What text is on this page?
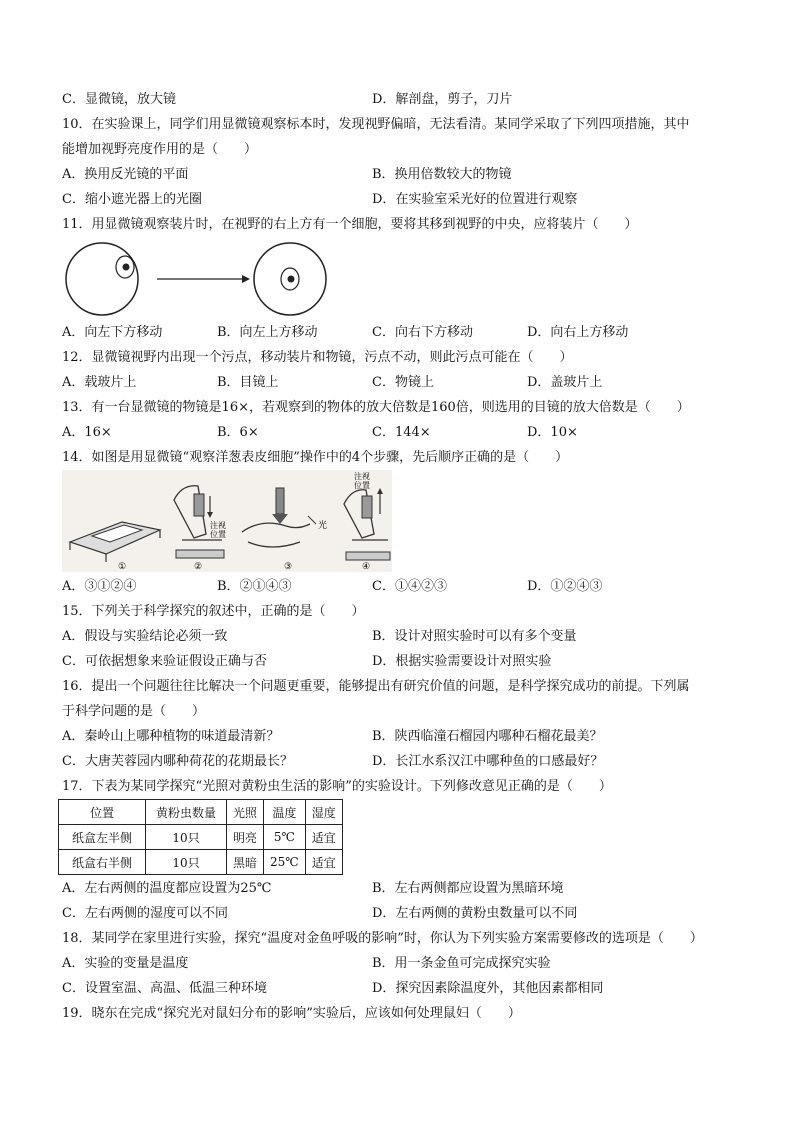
C．显微镜，放大镜	D．解剖盘，剪子，刀片
10．在实验课上，同学们用显微镜观察标本时，发现视野偏暗，无法看清。某同学采取了下列四项措施，其中
能增加视野亮度作用的是（　　）
A．换用反光镜的平面	B．换用倍数较大的物镜
C．缩小遮光器上的光圈	D．在实验室采光好的位置进行观察
11．用显微镜观察装片时，在视野的右上方有一个细胞，要将其移到视野的中央，应将装片（　　）
A．向左下方移动	B．向左上方移动	C．向右下方移动	D．向右上方移动
12．显微镜视野内出现一个污点，移动装片和物镜，污点不动，则此污点可能在（　　）
A．载玻片上	B．目镜上	C．物镜上	D．盖玻片上
13．有一台显微镜的物镜是16×，若观察到的物体的放大倍数是160倍，则选用的目镜的放大倍数是（　　）
A．16×	B．6×	C．144×	D．10×
14．如图是用显微镜“观察洋葱表皮细胞”操作中的4个步骤，先后顺序正确的是（　　）
①
注视
位置
②
光
③
注视
位置
④
A．③①②④	B．②①④③	C．①④②③	D．①②④③
15．下列关于科学探究的叙述中，正确的是（　　）
A．假设与实验结论必须一致	B．设计对照实验时可以有多个变量
C．可依据想象来验证假设正确与否	D．根据实验需要设计对照实验
16．提出一个问题往往比解决一个问题更重要，能够提出有研究价值的问题，是科学探究成功的前提。下列属
于科学问题的是（　　）
A．秦岭山上哪种植物的味道最清新？	B．陕西临潼石榴园内哪种石榴花最美？
C．大唐芙蓉园内哪种荷花的花期最长？	D．长江水系汉江中哪种鱼的口感最好？
17．下表为某同学探究“光照对黄粉虫生活的影响”的实验设计。下列修改意见正确的是（　　）
位置	黄粉虫数量	光照	温度	湿度
纸盒左半侧	10只	明亮	5℃	适宜
纸盒右半侧	10只	黑暗	25℃	适宜
A．左右两侧的温度都应设置为25℃	B．左右两侧都应设置为黑暗环境
C．左右两侧的湿度可以不同	D．左右两侧的黄粉虫数量可以不同
18．某同学在家里进行实验，探究“温度对金鱼呼吸的影响”时，你认为下列实验方案需要修改的选项是（　　）
A．实验的变量是温度	B．用一条金鱼可完成探究实验
C．设置室温、高温、低温三种环境	D．探究因素除温度外，其他因素都相同
19．晓东在完成“探究光对鼠妇分布的影响”实验后，应该如何处理鼠妇（　　）
